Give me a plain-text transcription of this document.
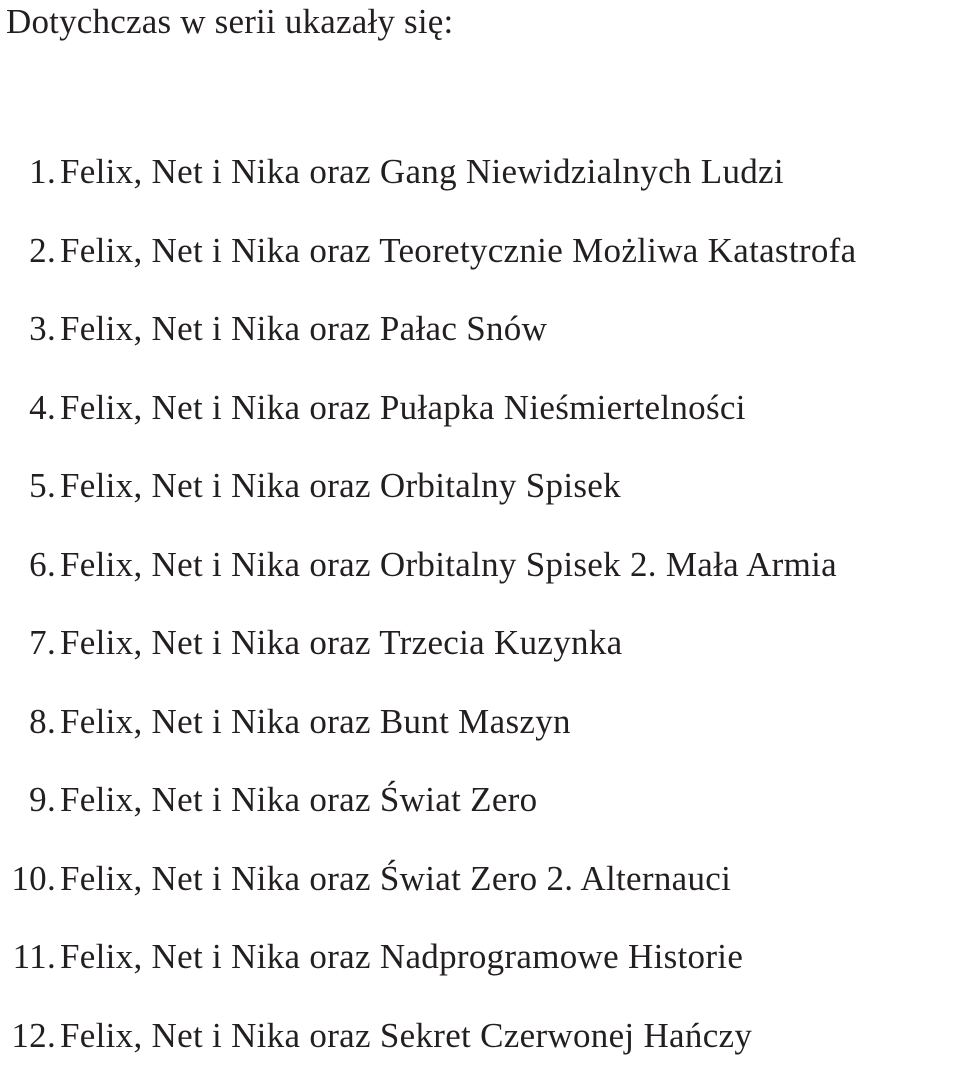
Dotychczas w serii ukazały się:
1. Felix, Net i Nika oraz Gang Niewidzialnych Ludzi
2. Felix, Net i Nika oraz Teoretycznie Możliwa Katastrofa
3. Felix, Net i Nika oraz Pałac Snów
4. Felix, Net i Nika oraz Pułapka Nieśmiertelności
5. Felix, Net i Nika oraz Orbitalny Spisek
6. Felix, Net i Nika oraz Orbitalny Spisek 2. Mała Armia
7. Felix, Net i Nika oraz Trzecia Kuzynka
8. Felix, Net i Nika oraz Bunt Maszyn
9. Felix, Net i Nika oraz Świat Zero
10. Felix, Net i Nika oraz Świat Zero 2. Alternauci
11. Felix, Net i Nika oraz Nadprogramowe Historie
12. Felix, Net i Nika oraz Sekret Czerwonej Hańczy
